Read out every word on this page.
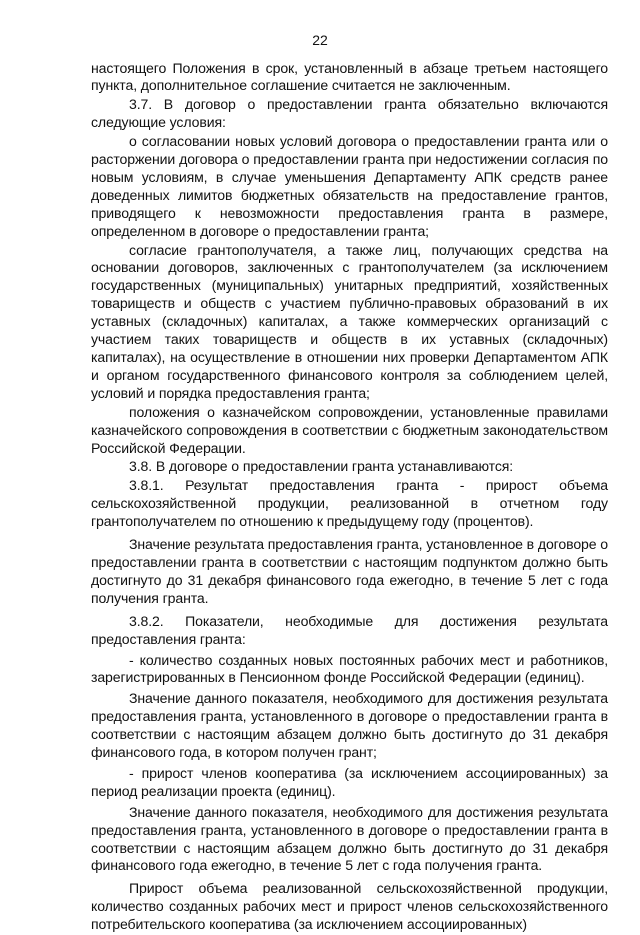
22

настоящего Положения в срок, установленный в абзаце третьем настоящего пункта, дополнительное соглашение считается не заключенным.

3.7. В договор о предоставлении гранта обязательно включаются следующие условия:

о согласовании новых условий договора о предоставлении гранта или о расторжении договора о предоставлении гранта при недостижении согласия по новым условиям, в случае уменьшения Департаменту АПК средств ранее доведенных лимитов бюджетных обязательств на предоставление грантов, приводящего к невозможности предоставления гранта в размере, определенном в договоре о предоставлении гранта;

согласие грантополучателя, а также лиц, получающих средства на основании договоров, заключенных с грантополучателем (за исключением государственных (муниципальных) унитарных предприятий, хозяйственных товариществ и обществ с участием публично-правовых образований в их уставных (складочных) капиталах, а также коммерческих организаций с участием таких товариществ и обществ в их уставных (складочных) капиталах), на осуществление в отношении них проверки Департаментом АПК и органом государственного финансового контроля за соблюдением целей, условий и порядка предоставления гранта;

положения о казначейском сопровождении, установленные правилами казначейского сопровождения в соответствии с бюджетным законодательством Российской Федерации.

3.8. В договоре о предоставлении гранта устанавливаются:

3.8.1. Результат предоставления гранта - прирост объема сельскохозяйственной продукции, реализованной в отчетном году грантополучателем по отношению к предыдущему году (процентов).

Значение результата предоставления гранта, установленное в договоре о предоставлении гранта в соответствии с настоящим подпунктом должно быть достигнуто до 31 декабря финансового года ежегодно, в течение 5 лет с года получения гранта.

3.8.2. Показатели, необходимые для достижения результата предоставления гранта:

- количество созданных новых постоянных рабочих мест и работников, зарегистрированных в Пенсионном фонде Российской Федерации (единиц).

Значение данного показателя, необходимого для достижения результата предоставления гранта, установленного в договоре о предоставлении гранта в соответствии с настоящим абзацем должно быть достигнуто до 31 декабря финансового года, в котором получен грант;

- прирост членов кооператива (за исключением ассоциированных) за период реализации проекта (единиц).

Значение данного показателя, необходимого для достижения результата предоставления гранта, установленного в договоре о предоставлении гранта в соответствии с настоящим абзацем должно быть достигнуто до 31 декабря финансового года ежегодно, в течение 5 лет с года получения гранта.

Прирост объема реализованной сельскохозяйственной продукции, количество созданных рабочих мест и прирост членов сельскохозяйственного потребительского кооператива (за исключением ассоциированных)
